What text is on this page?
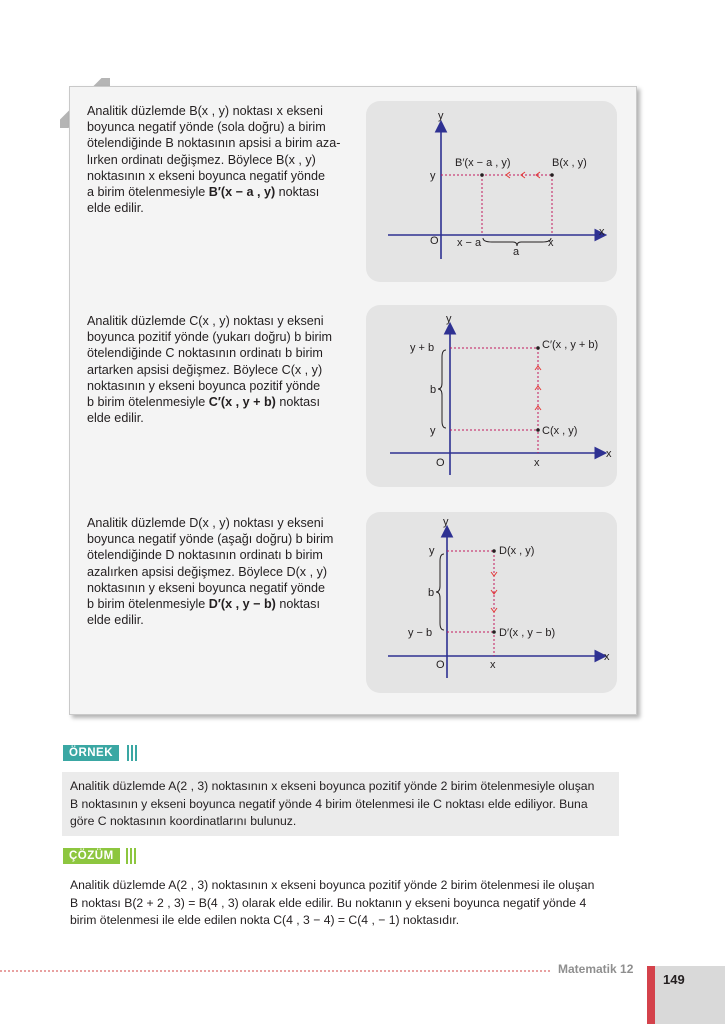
Analitik düzlemde B(x , y) noktası x ekseni
boyunca negatif yönde (sola doğru) a birim
ötelendiğinde B noktasının apsisi a birim aza-
lırken ordinatı değişmez. Böylece B(x , y)
noktasının x ekseni boyunca negatif yönde
a birim ötelenmesiyle B′(x − a , y) noktası
elde edilir.
Analitik düzlemde C(x , y) noktası y ekseni
boyunca pozitif yönde (yukarı doğru) b birim
ötelendiğinde C noktasının ordinatı b birim
artarken apsisi değişmez. Böylece C(x , y)
noktasının y ekseni boyunca pozitif yönde
b birim ötelenmesiyle C′(x , y + b) noktası
elde edilir.
Analitik düzlemde D(x , y) noktası y ekseni
boyunca negatif yönde (aşağı doğru) b birim
ötelendiğinde D noktasının ordinatı b birim
azalırken apsisi değişmez. Böylece D(x , y)
noktasının y ekseni boyunca negatif yönde
b birim ötelenmesiyle D′(x , y − b) noktası
elde edilir.
y
x
O
y
B′(x − a , y)	B(x , y)
x − a	x
a
y
x
O
y + b
y
x
C′(x , y + b)
C(x , y)
b
y
x
O
y
y − b
x
D(x , y)
D′(x , y − b)
b
ÖRNEK
Analitik düzlemde A(2 , 3) noktasının x ekseni boyunca pozitif yönde 2 birim ötelenmesiyle oluşan
B noktasının y ekseni boyunca negatif yönde 4 birim ötelenmesi ile C noktası elde ediliyor. Buna
göre C noktasının koordinatlarını bulunuz.
ÇÖZÜM
Analitik düzlemde A(2 , 3) noktasının x ekseni boyunca pozitif yönde 2 birim ötelenmesi ile oluşan
B noktası B(2 + 2 , 3) = B(4 , 3) olarak elde edilir. Bu noktanın y ekseni boyunca negatif yönde 4
birim ötelenmesi ile elde edilen nokta C(4 , 3 − 4) = C(4 , − 1) noktasıdır.
Matematik 12
149
